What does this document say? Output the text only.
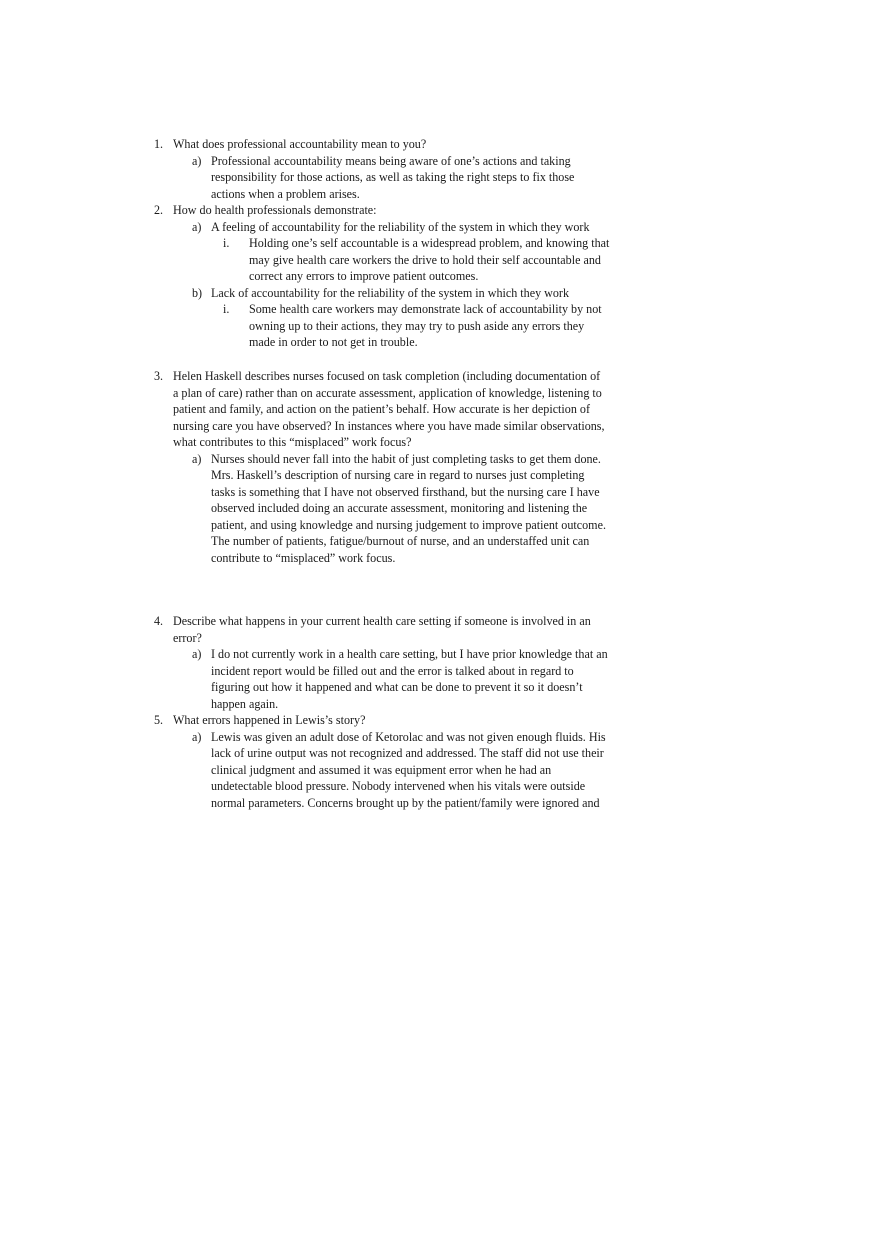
1. What does professional accountability mean to you?
a) Professional accountability means being aware of one’s actions and taking
responsibility for those actions, as well as taking the right steps to fix those
actions when a problem arises.
2. How do health professionals demonstrate:
a) A feeling of accountability for the reliability of the system in which they work
i. Holding one’s self accountable is a widespread problem, and knowing that
may give health care workers the drive to hold their self accountable and
correct any errors to improve patient outcomes.
b) Lack of accountability for the reliability of the system in which they work
i. Some health care workers may demonstrate lack of accountability by not
owning up to their actions, they may try to push aside any errors they
made in order to not get in trouble.
3. Helen Haskell describes nurses focused on task completion (including documentation of
a plan of care) rather than on accurate assessment, application of knowledge, listening to
patient and family, and action on the patient’s behalf. How accurate is her depiction of
nursing care you have observed? In instances where you have made similar observations,
what contributes to this “misplaced” work focus?
a) Nurses should never fall into the habit of just completing tasks to get them done.
Mrs. Haskell’s description of nursing care in regard to nurses just completing
tasks is something that I have not observed firsthand, but the nursing care I have
observed included doing an accurate assessment, monitoring and listening the
patient, and using knowledge and nursing judgement to improve patient outcome.
The number of patients, fatigue/burnout of nurse, and an understaffed unit can
contribute to “misplaced” work focus.
4. Describe what happens in your current health care setting if someone is involved in an
error?
a) I do not currently work in a health care setting, but I have prior knowledge that an
incident report would be filled out and the error is talked about in regard to
figuring out how it happened and what can be done to prevent it so it doesn’t
happen again.
5. What errors happened in Lewis’s story?
a) Lewis was given an adult dose of Ketorolac and was not given enough fluids. His
lack of urine output was not recognized and addressed. The staff did not use their
clinical judgment and assumed it was equipment error when he had an
undetectable blood pressure. Nobody intervened when his vitals were outside
normal parameters. Concerns brought up by the patient/family were ignored and
